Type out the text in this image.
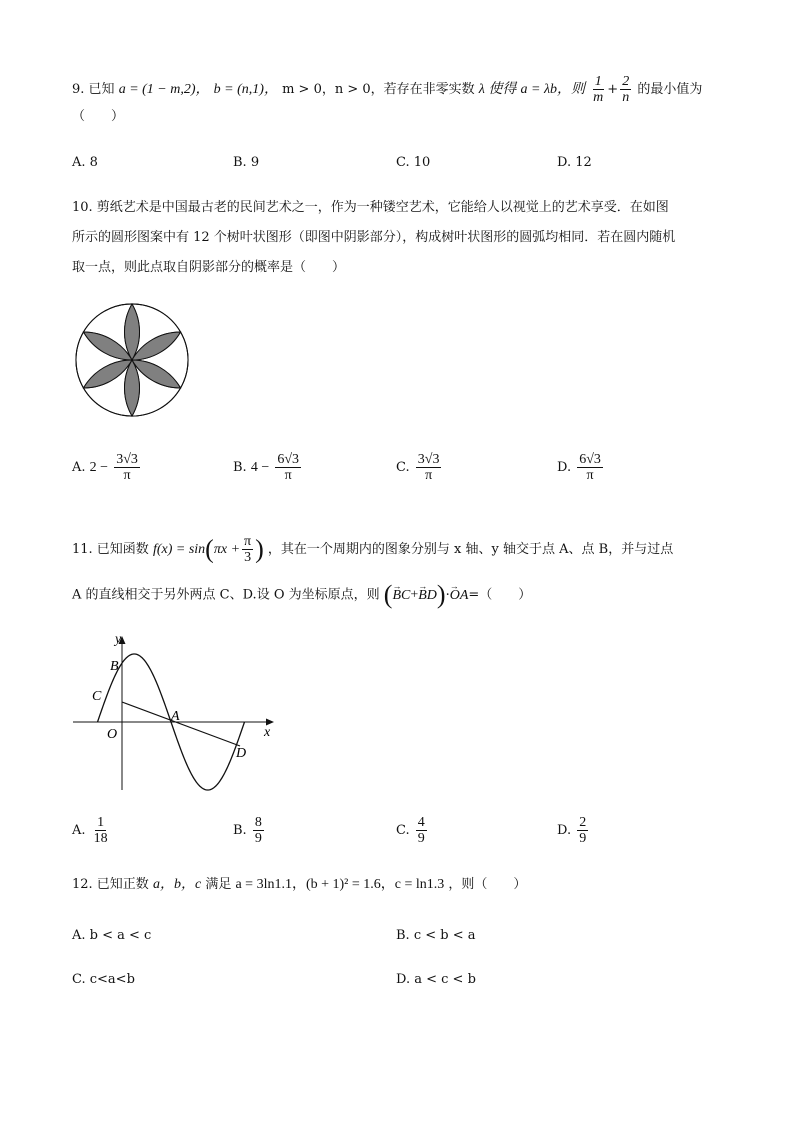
9. 已知 a = (1 − m,2)， b = (n,1)， m > 0，n > 0，若存在非零实数 λ 使得 a = λb，则 $\frac{1}{m} + \frac{2}{n}$ 的最小值为
（　　）
A. 8	B. 9	C. 10	D. 12
10. 剪纸艺术是中国最古老的民间艺术之一，作为一种镂空艺术，它能给人以视觉上的艺术享受．在如图
所示的圆形图案中有 12 个树叶状图形（即图中阴影部分），构成树叶状图形的圆弧均相同．若在圆内随机
取一点，则此点取自阴影部分的概率是（　　）
A. $2 - \frac{3√3}{\pi}$	B. $4 - \frac{6√3}{\pi}$	C. $\frac{3√3}{\pi}$	D. $\frac{6√3}{\pi}$
11. 已知函数 $f(x) = \sin(\pi x + \frac{\pi}{3}$ ) ，其在一个周期内的图象分别与 x 轴、y 轴交于点 A、点 B，并与过点
A 的直线相交于另外两点 C、D.设 O 为坐标原点，则 (→ BC+→ BD)·→ OA=（　　）
y
x
B
C
O
A
D
A. $\frac{1}{18}$	B. $\frac{8}{9}$	C. $\frac{4}{9}$	D. $\frac{2}{9}$
12. 已知正数 a，b，c 满足 a = 3ln1.1，(b + 1)² = 1.6，c = ln1.3 ，则（　　）
A. b < a < c	B. c < b < a
C. c<a<b	D. a < c < b
